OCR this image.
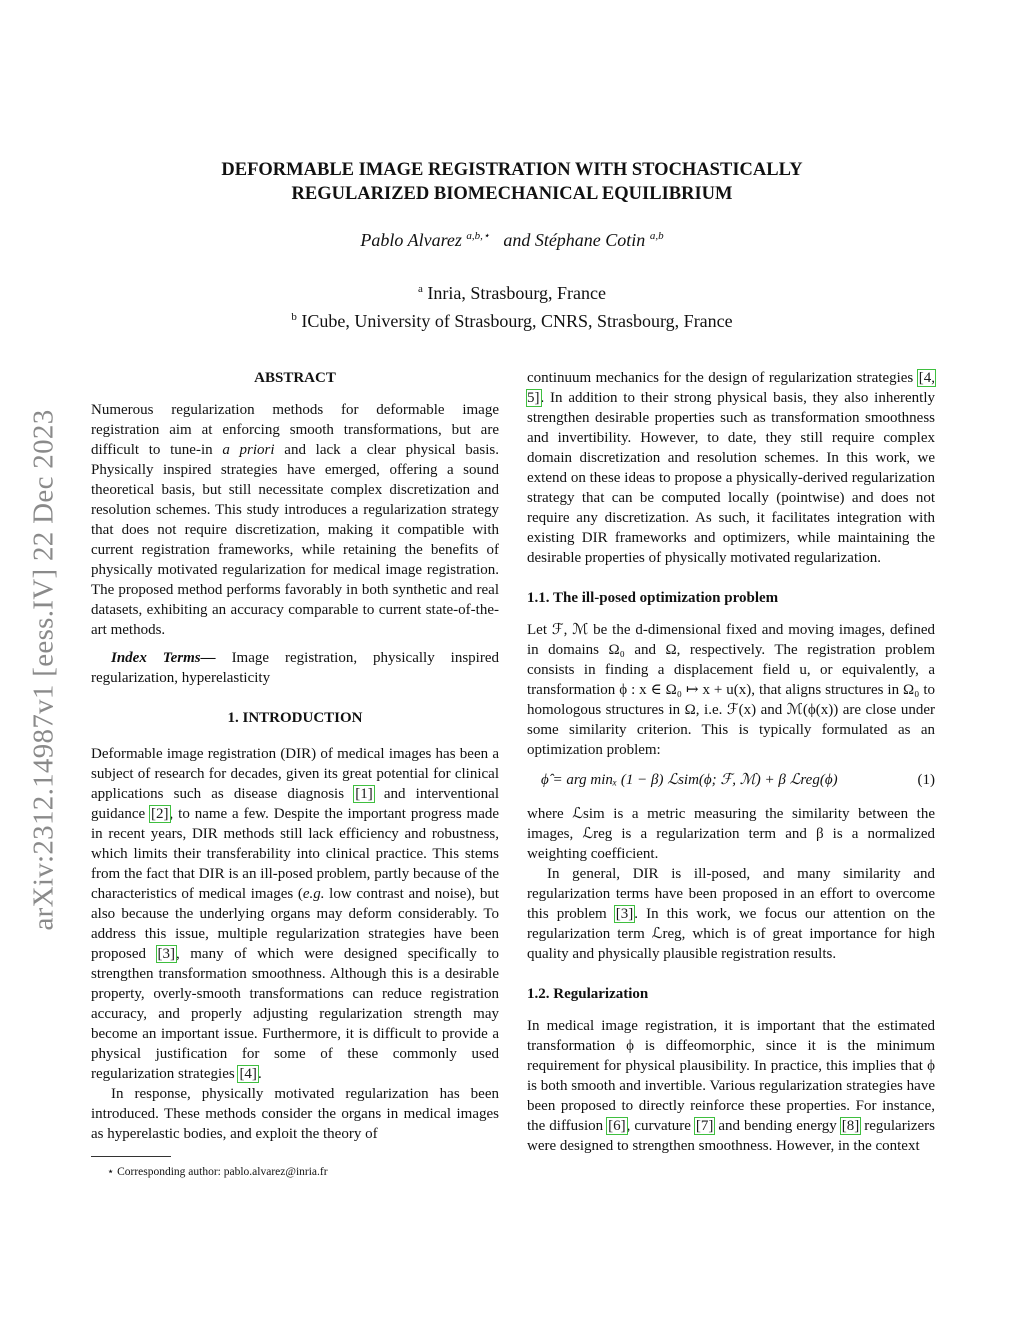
arXiv:2312.14987v1 [eess.IV] 22 Dec 2023
DEFORMABLE IMAGE REGISTRATION WITH STOCHASTICALLY
REGULARIZED BIOMECHANICAL EQUILIBRIUM
Pablo Alvarez $^{a,b,⋆}$ and Stéphane Cotin $^{a,b}$
$^a$ Inria, Strasbourg, France
$^b$ ICube, University of Strasbourg, CNRS, Strasbourg, France

ABSTRACT

Numerous regularization methods for deformable image registration aim at enforcing smooth transformations, but are difficult to tune-in a priori and lack a clear physical basis. Physically inspired strategies have emerged, offering a sound theoretical basis, but still necessitate complex discretization and resolution schemes. This study introduces a regularization strategy that does not require discretization, making it compatible with current registration frameworks, while retaining the benefits of physically motivated regularization for medical image registration. The proposed method performs favorably in both synthetic and real datasets, exhibiting an accuracy comparable to current state-of-the-art methods.

Index Terms— Image registration, physically inspired regularization, hyperelasticity

1. INTRODUCTION

Deformable image registration (DIR) of medical images has been a subject of research for decades, given its great potential for clinical applications such as disease diagnosis [1] and interventional guidance [2], to name a few. Despite the important progress made in recent years, DIR methods still lack efficiency and robustness, which limits their transferability into clinical practice. This stems from the fact that DIR is an ill-posed problem, partly because of the characteristics of medical images (e.g. low contrast and noise), but also because the underlying organs may deform considerably. To address this issue, multiple regularization strategies have been proposed [3], many of which were designed specifically to strengthen transformation smoothness. Although this is a desirable property, overly-smooth transformations can reduce registration accuracy, and properly adjusting regularization strength may become an important issue. Furthermore, it is difficult to provide a physical justification for some of these commonly used regularization strategies [4].

In response, physically motivated regularization has been introduced. These methods consider the organs in medical images as hyperelastic bodies, and exploit the theory of

⋆ Corresponding author: pablo.alvarez@inria.fr

continuum mechanics for the design of regularization strategies [4, 5]. In addition to their strong physical basis, they also inherently strengthen desirable properties such as transformation smoothness and invertibility. However, to date, they still require complex domain discretization and resolution schemes. In this work, we extend on these ideas to propose a physically-derived regularization strategy that can be computed locally (pointwise) and does not require any discretization. As such, it facilitates integration with existing DIR frameworks and optimizers, while maintaining the desirable properties of physically motivated regularization.

1.1. The ill-posed optimization problem

Let ℱ, ℳ be the d-dimensional fixed and moving images, defined in domains Ω₀ and Ω, respectively. The registration problem consists in finding a displacement field u, or equivalently, a transformation ϕ : x ∈ Ω₀ ↦ x + u(x), that aligns structures in Ω₀ to homologous structures in Ω, i.e. ℱ(x) and ℳ(ϕ(x)) are close under some similarity criterion. This is typically formulated as an optimization problem:

ϕ̂ = arg minₓ (1 − β) ℒsim(ϕ; ℱ, ℳ) + β ℒreg(ϕ)	(1)

where ℒsim is a metric measuring the similarity between the images, ℒreg is a regularization term and β is a normalized weighting coefficient.

In general, DIR is ill-posed, and many similarity and regularization terms have been proposed in an effort to overcome this problem [3]. In this work, we focus our attention on the regularization term ℒreg, which is of great importance for high quality and physically plausible registration results.

1.2. Regularization

In medical image registration, it is important that the estimated transformation ϕ is diffeomorphic, since it is the minimum requirement for physical plausibility. In practice, this implies that ϕ is both smooth and invertible. Various regularization strategies have been proposed to directly reinforce these properties. For instance, the diffusion [6], curvature [7] and bending energy [8] regularizers were designed to strengthen smoothness. However, in the context
